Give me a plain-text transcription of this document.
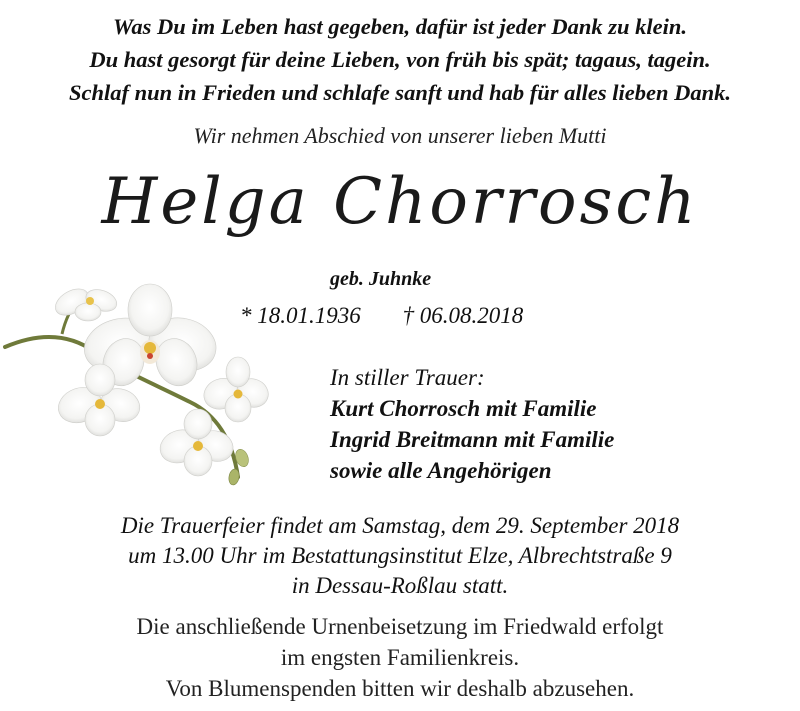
Was Du im Leben hast gegeben, dafür ist jeder Dank zu klein.
Du hast gesorgt für deine Lieben, von früh bis spät; tagaus, tagein.
Schlaf nun in Frieden und schlafe sanft und hab für alles lieben Dank.
Wir nehmen Abschied von unserer lieben Mutti
Helga Chorrosch
geb. Juhnke
* 18.01.1936 † 06.08.2018
In stiller Trauer:
Kurt Chorrosch mit Familie
Ingrid Breitmann mit Familie
sowie alle Angehörigen
Die Trauerfeier findet am Samstag, dem 29. September 2018
um 13.00 Uhr im Bestattungsinstitut Elze, Albrechtstraße 9
in Dessau-Roßlau statt.
Die anschließende Urnenbeisetzung im Friedwald erfolgt
im engsten Familienkreis.
Von Blumenspenden bitten wir deshalb abzusehen.
